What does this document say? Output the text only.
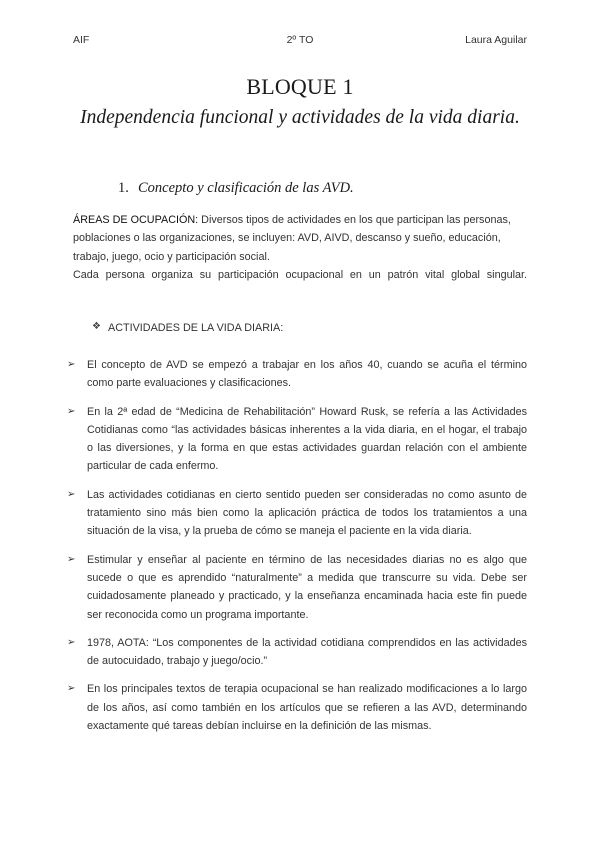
AIF	2º TO	Laura Aguilar
BLOQUE 1
Independencia funcional y actividades de la vida diaria.
1. Concepto y clasificación de las AVD.

ÁREAS DE OCUPACIÓN: Diversos tipos de actividades en los que participan las personas, poblaciones o las organizaciones, se incluyen: AVD, AIVD, descanso y sueño, educación, trabajo, juego, ocio y participación social.

Cada persona organiza su participación ocupacional en un patrón vital global singular.

❖ ACTIVIDADES DE LA VIDA DIARIA:
➢ El concepto de AVD se empezó a trabajar en los años 40, cuando se acuña el término como parte evaluaciones y clasificaciones.
➢ En la 2ª edad de “Medicina de Rehabilitación” Howard Rusk, se refería a las Actividades Cotidianas como “las actividades básicas inherentes a la vida diaria, en el hogar, el trabajo o las diversiones, y la forma en que estas actividades guardan relación con el ambiente particular de cada enfermo.
➢ Las actividades cotidianas en cierto sentido pueden ser consideradas no como asunto de tratamiento sino más bien como la aplicación práctica de todos los tratamientos a una situación de la visa, y la prueba de cómo se maneja el paciente en la vida diaria.
➢ Estimular y enseñar al paciente en término de las necesidades diarias no es algo que sucede o que es aprendido “naturalmente” a medida que transcurre su vida. Debe ser cuidadosamente planeado y practicado, y la enseñanza encaminada hacia este fin puede ser reconocida como un programa importante.
➢ 1978, AOTA: “Los componentes de la actividad cotidiana comprendidos en las actividades de autocuidado, trabajo y juego/ocio.”
➢ En los principales textos de terapia ocupacional se han realizado modificaciones a lo largo de los años, así como también en los artículos que se refieren a las AVD, determinando exactamente qué tareas debían incluirse en la definición de las mismas.
